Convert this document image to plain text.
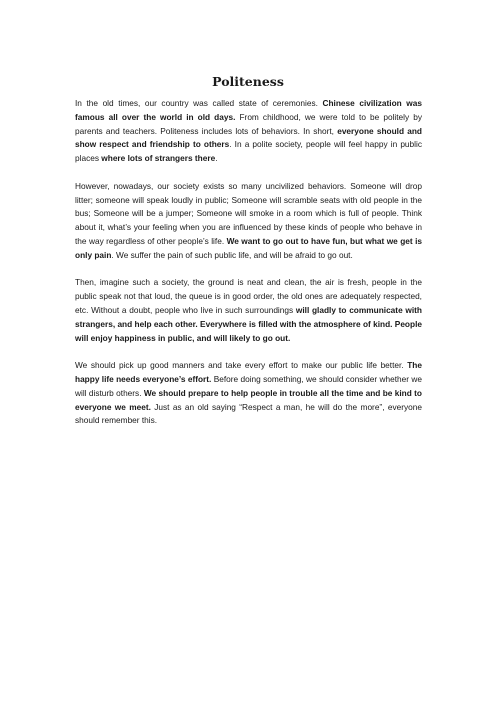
Politeness

In the old times, our country was called state of ceremonies. Chinese civilization was famous all over the world in old days. From childhood, we were told to be politely by parents and teachers. Politeness includes lots of behaviors. In short, everyone should and show respect and friendship to others. In a polite society, people will feel happy in public places where lots of strangers there.

However, nowadays, our society exists so many uncivilized behaviors. Someone will drop litter; someone will speak loudly in public; Someone will scramble seats with old people in the bus; Someone will be a jumper; Someone will smoke in a room which is full of people. Think about it, what’s your feeling when you are influenced by these kinds of people who behave in the way regardless of other people’s life. We want to go out to have fun, but what we get is only pain. We suffer the pain of such public life, and will be afraid to go out.

Then, imagine such a society, the ground is neat and clean, the air is fresh, people in the public speak not that loud, the queue is in good order, the old ones are adequately respected, etc. Without a doubt, people who live in such surroundings will gladly to communicate with strangers, and help each other. Everywhere is filled with the atmosphere of kind. People will enjoy happiness in public, and will likely to go out.

We should pick up good manners and take every effort to make our public life better. The happy life needs everyone’s effort. Before doing something, we should consider whether we will disturb others. We should prepare to help people in trouble all the time and be kind to everyone we meet. Just as an old saying “Respect a man, he will do the more”, everyone should remember this.
